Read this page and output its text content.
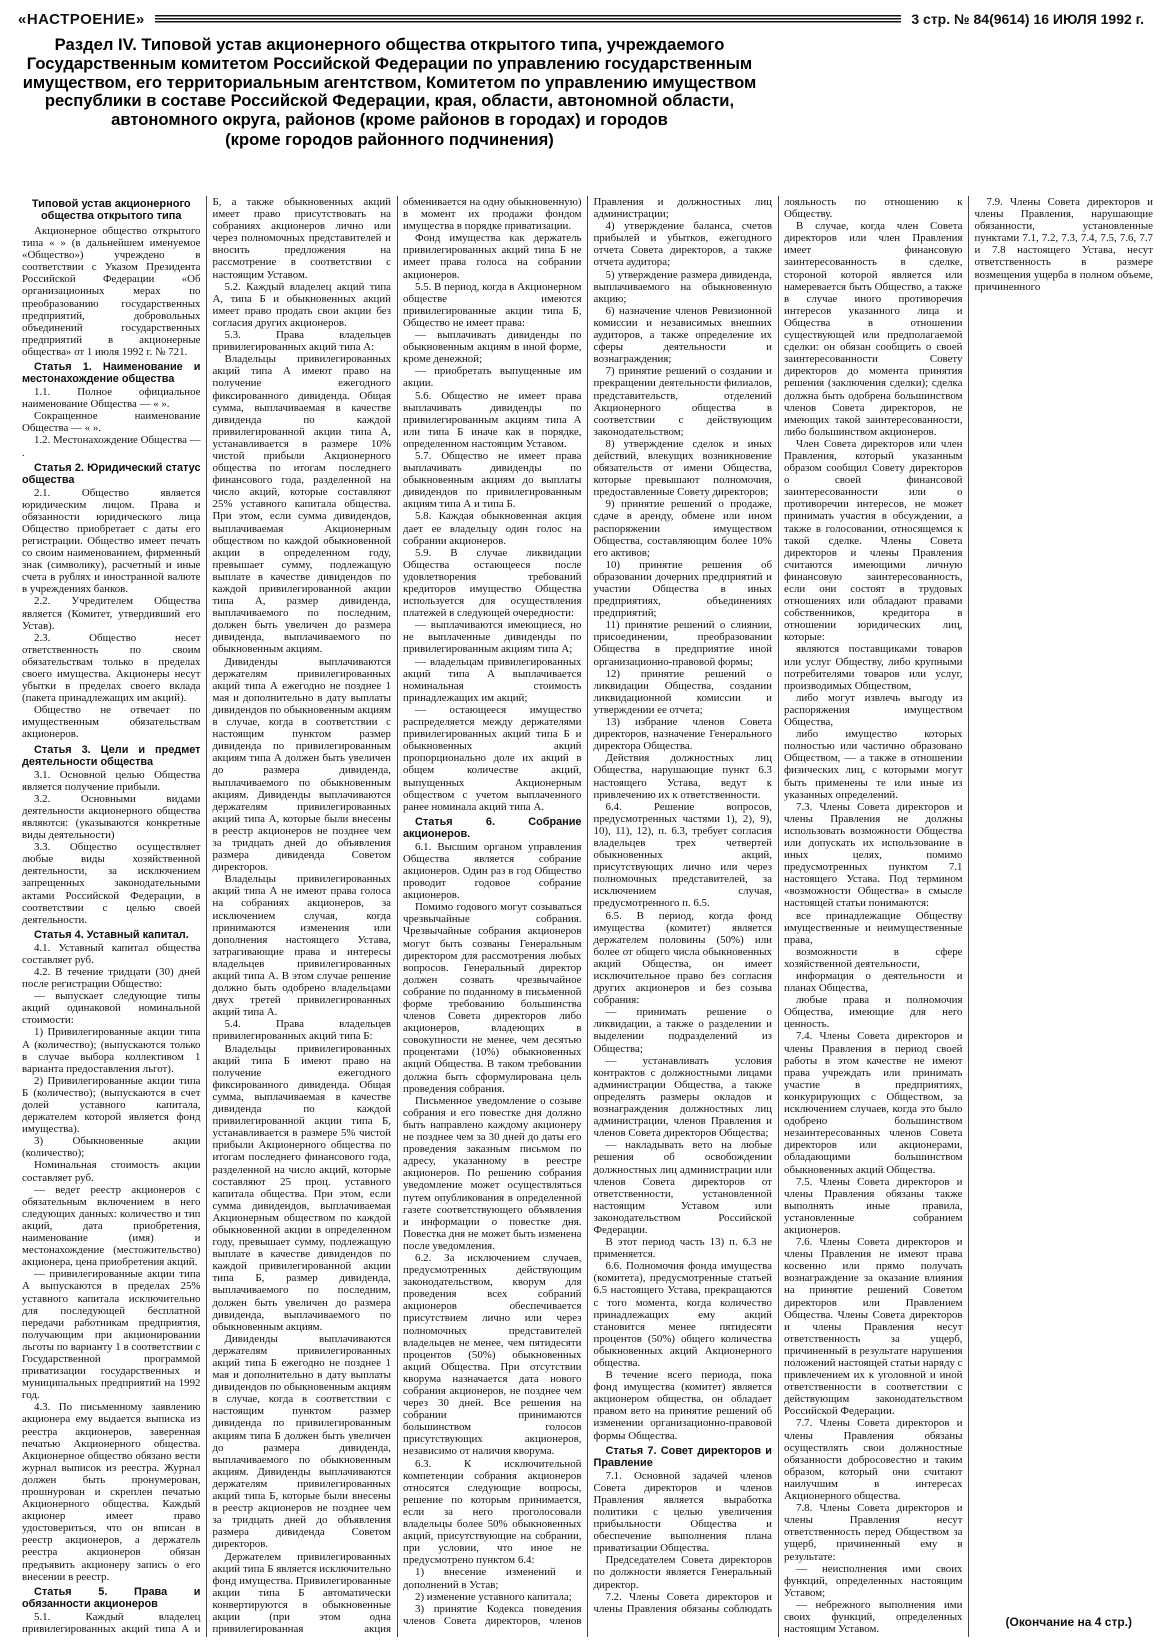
«НАСТРОЕНИЕ»	3 стр. № 84(9614) 16 ИЮЛЯ 1992 г.
Раздел IV. Типовой устав акционерного общества открытого типа, учреждаемого Государственным комитетом Российской Федерации по управлению государственным имуществом, его территориальным агентством, Комитетом по управлению имуществом республики в составе Российской Федерации, края, области, автономной области, автономного округа, районов (кроме районов в городах) и городов
(кроме городов районного подчинения)
Типовой устав акционерного общества открытого типа

Акционерное общество открытого типа « » (в дальнейшем именуемое «Общество») учреждено в соответствии с Указом Президента Российской Федерации «Об организационных мерах по преобразованию государственных предприятий, добровольных объединений государственных предприятий в акционерные общества» от 1 июля 1992 г. № 721.

Статья 1. Наименование и местонахождение общества

1.1. Полное официальное наименование Общества — « ».

Сокращенное наименование Общества — « ».

1.2. Местонахождение Общества — .

Статья 2. Юридический статус общества

2.1. Общество является юридическим лицом. Права и обязанности юридического лица Общество приобретает с даты его регистрации. Общество имеет печать со своим наименованием, фирменный знак (символику), расчетный и иные счета в рублях и иностранной валюте в учреждениях банков.

2.2. Учредителем Общества является (Комитет, утвердивший его Устав).

2.3. Общество несет ответственность по своим обязательствам только в пределах своего имущества. Акционеры несут убытки в пределах своего вклада (пакета принадлежащих им акций).

Общество не отвечает по имущественным обязательствам акционеров.

Статья 3. Цели и предмет деятельности общества

3.1. Основной целью Общества является получение прибыли.

3.2. Основными видами деятельности акционерного общества являются: (указываются конкретные виды деятельности)

3.3. Общество осуществляет любые виды хозяйственной деятельности, за исключением запрещенных законодательными актами Российской Федерации, в соответствии с целью своей деятельности.

Статья 4. Уставный капитал.

4.1. Уставный капитал общества составляет руб.

4.2. В течение тридцати (30) дней после регистрации Общество:

— выпускает следующие типы акций одинаковой номинальной стоимости:

1) Привилегированные акции типа А (количество); (выпускаются только в случае выбора коллективом 1 варианта предоставления льгот).

2) Привилегированные акции типа Б (количество); (выпускаются в счет долей уставного капитала, держателем которой является фонд имущества).

3) Обыкновенные акции (количество);

Номинальная стоимость акции составляет руб.

— ведет реестр акционеров с обязательным включением в него следующих данных: количество и тип акций, дата приобретения, наименование (имя) и местонахождение (местожительство) акционера, цена приобретения акций.

— привилегированные акции типа А выпускаются в пределах 25% уставного капитала исключительно для последующей бесплатной передачи работникам предприятия, получающим при акционировании льготы по варианту 1 в соответствии с Государственной программой приватизации государственных и муниципальных предприятий на 1992 год.

4.3. По письменному заявлению акционера ему выдается выписка из реестра акционеров, заверенная печатью Акционерного общества. Акционерное общество обязано вести журнал выписок из реестра. Журнал должен быть пронумерован, прошнурован и скреплен печатью Акционерного общества. Каждый акционер имеет право удостовериться, что он вписан в реестр акционеров, а держатель реестра акционеров обязан предъявить акционеру запись о его внесении в реестр.

Статья 5. Права и обязанности акционеров

5.1. Каждый владелец привилегированных акций типа А и Б, а также обыкновенных акций имеет право присутствовать на собраниях акционеров лично или через полномочных представителей и вносить предложения на рассмотрение в соответствии с настоящим Уставом.

5.2. Каждый владелец акций типа А, типа Б и обыкновенных акций имеет право продать свои акции без согласия других акционеров.

5.3. Права владельцев привилегированных акций типа А:

Владельцы привилегированных акций типа А имеют право на получение ежегодного фиксированного дивиденда. Общая сумма, выплачиваемая в качестве дивиденда по каждой привилегированной акции типа А, устанавливается в размере 10% чистой прибыли Акционерного общества по итогам последнего финансового года, разделенной на число акций, которые составляют 25% уставного капитала общества. При этом, если сумма дивидендов, выплачиваемая Акционерным обществом по каждой обыкновенной акции в определенном году, превышает сумму, подлежащую выплате в качестве дивидендов по каждой привилегированной акции типа А, размер дивиденда, выплачиваемого по последним, должен быть увеличен до размера дивиденда, выплачиваемого по обыкновенным акциям.

Дивиденды выплачиваются держателям привилегированных акций типа А ежегодно не позднее 1 мая и дополнительно в дату выплаты дивидендов по обыкновенным акциям в случае, когда в соответствии с настоящим пунктом размер дивиденда по привилегированным акциям типа А должен быть увеличен до размера дивиденда, выплачиваемого по обыкновенным акциям. Дивиденды выплачиваются держателям привилегированных акций типа А, которые были внесены в реестр акционеров не позднее чем за тридцать дней до объявления размера дивиденда Советом директоров.

Владельцы привилегированных акций типа А не имеют права голоса на собраниях акционеров, за исключением случая, когда принимаются изменения или дополнения настоящего Устава, затрагивающие права и интересы владельцев привилегированных акций типа А. В этом случае решение должно быть одобрено владельцами двух третей привилегированных акций типа А.

5.4. Права владельцев привилегированных акций типа Б:

Владельцы привилегированных акций типа Б имеют право на получение ежегодного фиксированного дивиденда. Общая сумма, выплачиваемая в качестве дивиденда по каждой привилегированной акции типа Б, устанавливается в размере 5% чистой прибыли Акционерного общества по итогам последнего финансового года, разделенной на число акций, которые составляют 25 проц. уставного капитала общества. При этом, если сумма дивидендов, выплачиваемая Акционерным обществом по каждой обыкновенной акции в определенном году, превышает сумму, подлежащую выплате в качестве дивидендов по каждой привилегированной акции типа Б, размер дивиденда, выплачиваемого по последним, должен быть увеличен до размера дивиденда, выплачиваемого по обыкновенным акциям.

Дивиденды выплачиваются держателям привилегированных акций типа Б ежегодно не позднее 1 мая и дополнительно в дату выплаты дивидендов по обыкновенным акциям в случае, когда в соответствии с настоящим пунктом размер дивиденда по привилегированным акциям типа Б должен быть увеличен до размера дивиденда, выплачиваемого по обыкновенным акциям. Дивиденды выплачиваются держателям привилегированных акций типа Б, которые были внесены в реестр акционеров не позднее чем за тридцать дней до объявления размера дивиденда Советом директоров.

Держателем привилегированных акций типа Б является исключительно фонд имущества. Привилегированные акции типа Б автоматически конвертируются в обыкновенные акции (при этом одна привилегированная акция обменивается на одну обыкновенную) в момент их продажи фондом имущества в порядке приватизации.

Фонд имущества как держатель привилегированных акций типа Б не имеет права голоса на собрании акционеров.

5.5. В период, когда в Акционерном обществе имеются привилегированные акции типа Б, Общество не имеет права:

— выплачивать дивиденды по обыкновенным акциям в иной форме, кроме денежной;

— приобретать выпущенные им акции.

5.6. Общество не имеет права выплачивать дивиденды по привилегированным акциям типа А или типа Б иначе как в порядке, определенном настоящим Уставом.

5.7. Общество не имеет права выплачивать дивиденды по обыкновенным акциям до выплаты дивидендов по привилегированным акциям типа А и типа Б.

5.8. Каждая обыкновенная акция дает ее владельцу один голос на собрании акционеров.

5.9. В случае ликвидации Общества остающееся после удовлетворения требований кредиторов имущество Общества используется для осуществления платежей в следующей очередности:

— выплачиваются имеющиеся, но не выплаченные дивиденды по привилегированным акциям типа А;

— владельцам привилегированных акций типа А выплачивается номинальная стоимость принадлежащих им акций;

— остающееся имущество распределяется между держателями привилегированных акций типа Б и обыкновенных акций пропорционально доле их акций в общем количестве акций, выпущенных Акционерным обществом с учетом выплаченного ранее номинала акций типа А.

Статья 6. Собрание акционеров.

6.1. Высшим органом управления Общества является собрание акционеров. Один раз в год Общество проводит годовое собрание акционеров.

Помимо годового могут созываться чрезвычайные собрания. Чрезвычайные собрания акционеров могут быть созваны Генеральным директором для рассмотрения любых вопросов. Генеральный директор должен созвать чрезвычайное собрание по поданному в письменной форме требованию большинства членов Совета директоров либо акционеров, владеющих в совокупности не менее, чем десятью процентами (10%) обыкновенных акций Общества. В таком требовании должна быть сформулирована цель проведения собрания.

Письменное уведомление о созыве собрания и его повестке дня должно быть направлено каждому акционеру не позднее чем за 30 дней до даты его проведения заказным письмом по адресу, указанному в реестре акционеров. По решению собрания уведомление может осуществляться путем опубликования в определенной газете соответствующего объявления и информации о повестке дня. Повестка дня не может быть изменена после уведомления.

6.2. За исключением случаев, предусмотренных действующим законодательством, кворум для проведения всех собраний акционеров обеспечивается присутствием лично или через полномочных представителей владельцев не менее, чем пятидесяти процентов (50%) обыкновенных акций Общества. При отсутствии кворума назначается дата нового собрания акционеров, не позднее чем через 30 дней. Все решения на собрании принимаются большинством голосов присутствующих акционеров, независимо от наличия кворума.

6.3. К исключительной компетенции собрания акционеров относятся следующие вопросы, решение по которым принимается, если за него проголосовали владельцы более 50% обыкновенных акций, присутствующие на собрании, при условии, что иное не предусмотрено пунктом 6.4:

1) внесение изменений и дополнений в Устав;

2) изменение уставного капитала;

3) принятие Кодекса поведения членов Совета директоров, членов Правления и должностных лиц администрации;

4) утверждение баланса, счетов прибылей и убытков, ежегодного отчета Совета директоров, а также отчета аудитора;

5) утверждение размера дивиденда, выплачиваемого на обыкновенную акцию;

6) назначение членов Ревизионной комиссии и независимых внешних аудиторов, а также определение их сферы деятельности и вознаграждения;

7) принятие решений о создании и прекращении деятельности филиалов, представительств, отделений Акционерного общества в соответствии с действующим законодательством;

8) утверждение сделок и иных действий, влекущих возникновение обязательств от имени Общества, которые превышают полномочия, предоставленные Совету директоров;

9) принятие решений о продаже, сдаче в аренду, обмене или ином распоряжении имуществом Общества, составляющим более 10% его активов;

10) принятие решения об образовании дочерних предприятий и участии Общества в иных предприятиях, объединениях предприятий;

11) принятие решений о слиянии, присоединении, преобразовании Общества в предприятие иной организационно-правовой формы;

12) принятие решений о ликвидации Общества, создании ликвидационной комиссии и утверждении ее отчета;

13) избрание членов Совета директоров, назначение Генерального директора Общества.

Действия должностных лиц Общества, нарушающие пункт 6.3 настоящего Устава, ведут к привлечению их к ответственности.

6.4. Решение вопросов, предусмотренных частями 1), 2), 9), 10), 11), 12), п. 6.3, требует согласия владельцев трех четвертей обыкновенных акций, присутствующих лично или через полномочных представителей, за исключением случая, предусмотренного п. 6.5.

6.5. В период, когда фонд имущества (комитет) является держателем половины (50%) или более от общего числа обыкновенных акций Общества, он имеет исключительное право без согласия других акционеров и без созыва собрания:

— принимать решение о ликвидации, а также о разделении и выделении подразделений из Общества;

— устанавливать условия контрактов с должностными лицами администрации Общества, а также определять размеры окладов и вознаграждения должностных лиц администрации, членов Правления и членов Совета директоров Общества;

— накладывать вето на любые решения об освобождении должностных лиц администрации или членов Совета директоров от ответственности, установленной настоящим Уставом или законодательством Российской Федерации.

В этот период часть 13) п. 6.3 не применяется.

6.6. Полномочия фонда имущества (комитета), предусмотренные статьей 6.5 настоящего Устава, прекращаются с того момента, когда количество принадлежащих ему акций становится менее пятидесяти процентов (50%) общего количества обыкновенных акций Акционерного общества.

В течение всего периода, пока фонд имущества (комитет) является акционером общества, он обладает правом вето на принятие решений об изменении организационно-правовой формы Общества.

Статья 7. Совет директоров и Правление

7.1. Основной задачей членов Совета директоров и членов Правления является выработка политики с целью увеличения прибыльности Общества и обеспечение выполнения плана приватизации Общества.

Председателем Совета директоров по должности является Генеральный директор.

7.2. Члены Совета директоров и члены Правления обязаны соблюдать лояльность по отношению к Обществу.

В случае, когда член Совета директоров или член Правления имеет финансовую заинтересованность в сделке, стороной которой является или намеревается быть Общество, а также в случае иного противоречия интересов указанного лица и Общества в отношении существующей или предполагаемой сделки: он обязан сообщить о своей заинтересованности Совету директоров до момента принятия решения (заключения сделки); сделка должна быть одобрена большинством членов Совета директоров, не имеющих такой заинтересованности, либо большинством акционеров.

Член Совета директоров или член Правления, который указанным образом сообщил Совету директоров о своей финансовой заинтересованности или о противоречии интересов, не может принимать участия в обсуждении, а также в голосовании, относящемся к такой сделке. Члены Совета директоров и члены Правления считаются имеющими личную финансовую заинтересованность, если они состоят в трудовых отношениях или обладают правами собственников, кредитора в отношении юридических лиц, которые:

являются поставщиками товаров или услуг Обществу, либо крупными потребителями товаров или услуг, производимых Обществом,

либо могут извлечь выгоду из распоряжения имуществом Общества,

либо имущество которых полностью или частично образовано Обществом, — а также в отношении физических лиц, с которыми могут быть применены те или иные из указанных определений.

7.3. Члены Совета директоров и члены Правления не должны использовать возможности Общества или допускать их использование в иных целях, помимо предусмотренных пунктом 7.1 настоящего Устава. Под термином «возможности Общества» в смысле настоящей статьи понимаются:

все принадлежащие Обществу имущественные и неимущественные права,

возможности в сфере хозяйственной деятельности,

информация о деятельности и планах Общества,

любые права и полномочия Общества, имеющие для него ценность.

7.4. Члены Совета директоров и члены Правления в период своей работы в этом качестве не имеют права учреждать или принимать участие в предприятиях, конкурирующих с Обществом, за исключением случаев, когда это было одобрено большинством незаинтересованных членов Совета директоров или акционерами, обладающими большинством обыкновенных акций Общества.

7.5. Члены Совета директоров и члены Правления обязаны также выполнять иные правила, установленные собранием акционеров.

7.6. Члены Совета директоров и члены Правления не имеют права косвенно или прямо получать вознаграждение за оказание влияния на принятие решений Советом директоров или Правлением Общества. Члены Совета директоров и члены Правления несут ответственность за ущерб, причиненный в результате нарушения положений настоящей статьи наряду с привлечением их к уголовной и иной ответственности в соответствии с действующим законодательством Российской Федерации.

7.7. Члены Совета директоров и члены Правления обязаны осуществлять свои должностные обязанности добросовестно и таким образом, который они считают наилучшим в интересах Акционерного общества.

7.8. Члены Совета директоров и члены Правления несут ответственность перед Обществом за ущерб, причиненный ему в результате:

— неисполнения ими своих функций, определенных настоящим Уставом;

— небрежного выполнения ими своих функций, определенных настоящим Уставом.

7.9. Члены Совета директоров и члены Правления, нарушающие обязанности, установленные пунктами 7.1, 7.2, 7.3, 7.4, 7.5, 7.6, 7.7 и 7.8 настоящего Устава, несут ответственность в размере возмещения ущерба в полном объеме, причиненного

(Окончание на 4 стр.)
